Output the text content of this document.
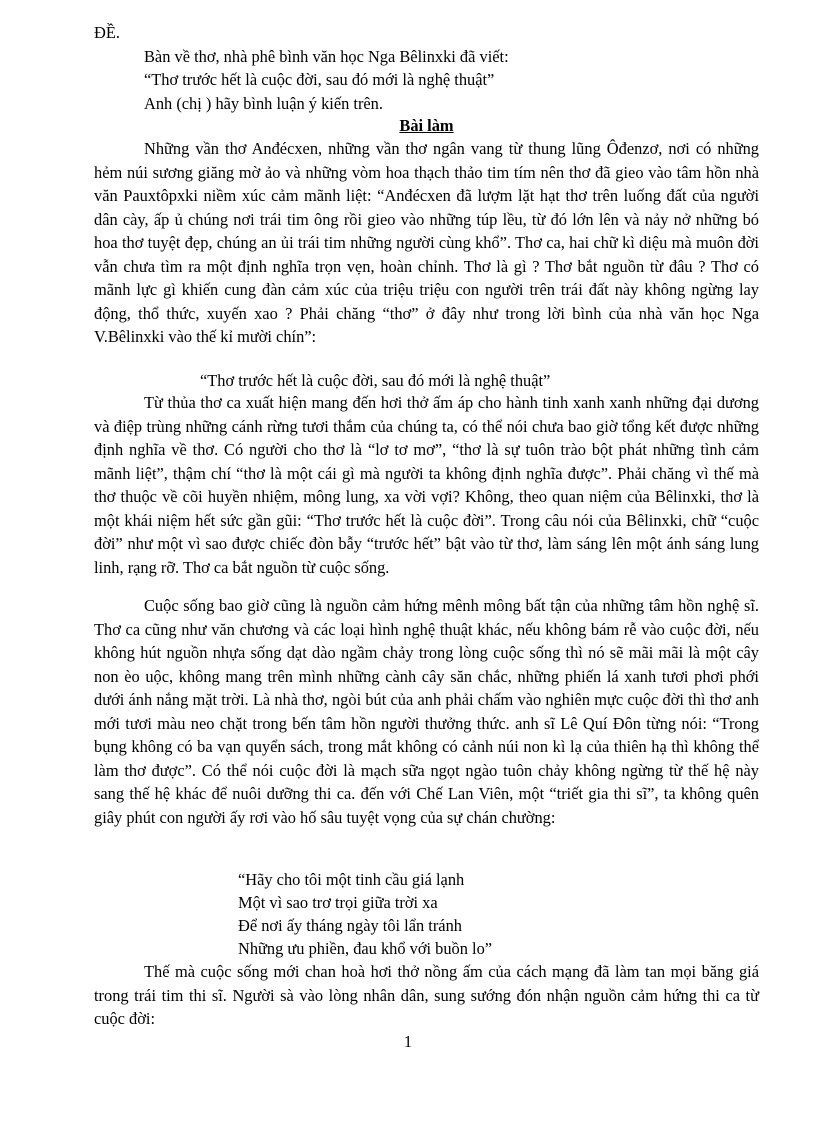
ĐỀ.

Bàn về thơ, nhà phê bình văn học Nga Bêlinxki đã viết:

“Thơ trước hết là cuộc đời, sau đó mới là nghệ thuật”

Anh (chị ) hãy bình luận ý kiến trên.

Bài làm

Những vần thơ Anđécxen, những vần thơ ngân vang từ thung lũng Ôđenzơ, nơi có những hẻm núi sương giăng mờ ảo và những vòm hoa thạch thảo tim tím nên thơ đã gieo vào tâm hồn nhà văn Pauxtôpxki niềm xúc cảm mãnh liệt: “Anđécxen đã lượm lặt hạt thơ trên luống đất của người dân cày, ấp ủ chúng nơi trái tim ông rồi gieo vào những túp lều, từ đó lớn lên và nảy nở những bó hoa thơ tuyệt đẹp, chúng an ủi trái tim những người cùng khổ”. Thơ ca, hai chữ kì diệu mà muôn đời vẫn chưa tìm ra một định nghĩa trọn vẹn, hoàn chỉnh. Thơ là gì ? Thơ bắt nguồn từ đâu ? Thơ có mãnh lực gì khiến cung đàn cảm xúc của triệu triệu con người trên trái đất này không ngừng lay động, thổ thức, xuyến xao ? Phải chăng “thơ” ở đây như trong lời bình của nhà văn học Nga V.Bêlinxki vào thế kỉ mười chín”:

“Thơ trước hết là cuộc đời, sau đó mới là nghệ thuật”

Từ thủa thơ ca xuất hiện mang đến hơi thở ấm áp cho hành tinh xanh xanh những đại dương và điệp trùng những cánh rừng tươi thắm của chúng ta, có thể nói chưa bao giờ tổng kết được những định nghĩa về thơ. Có người cho thơ là “lơ tơ mơ”, “thơ là sự tuôn trào bột phát những tình cảm mãnh liệt”, thậm chí “thơ là một cái gì mà người ta không định nghĩa được”. Phải chăng vì thế mà thơ thuộc về cõi huyền nhiệm, mông lung, xa vời vợi? Không, theo quan niệm của Bêlinxki, thơ là một khái niệm hết sức gần gũi: “Thơ trước hết là cuộc đời”. Trong câu nói của Bêlinxki, chữ “cuộc đời” như một vì sao được chiếc đòn bẫy “trước hết” bật vào từ thơ, làm sáng lên một ánh sáng lung linh, rạng rỡ. Thơ ca bắt nguồn từ cuộc sống.

Cuộc sống bao giờ cũng là nguồn cảm hứng mênh mông bất tận của những tâm hồn nghệ sĩ. Thơ ca cũng như văn chương và các loại hình nghệ thuật khác, nếu không bám rễ vào cuộc đời, nếu không hút nguồn nhựa sống dạt dào ngầm chảy trong lòng cuộc sống thì nó sẽ mãi mãi là một cây non èo uộc, không mang trên mình những cành cây săn chắc, những phiến lá xanh tươi phơi phới dưới ánh nắng mặt trời. Là nhà thơ, ngòi bút của anh phải chấm vào nghiên mực cuộc đời thì thơ anh mới tươi màu neo chặt trong bến tâm hồn người thưởng thức. anh sĩ Lê Quí Đôn từng nói: “Trong bụng không có ba vạn quyển sách, trong mắt không có cảnh núi non kì lạ của thiên hạ thì không thể làm thơ được”. Có thể nói cuộc đời là mạch sữa ngọt ngào tuôn chảy không ngừng từ thế hệ này sang thế hệ khác để nuôi dưỡng thi ca. đến với Chế Lan Viên, một “triết gia thi sĩ”, ta không quên giây phút con người ấy rơi vào hố sâu tuyệt vọng của sự chán chường:

“Hãy cho tôi một tinh cầu giá lạnh

Một vì sao trơ trọi giữa trời xa

Để nơi ấy tháng ngày tôi lẩn tránh

Những ưu phiền, đau khổ với buồn lo”

Thế mà cuộc sống mới chan hoà hơi thở nồng ấm của cách mạng đã làm tan mọi băng giá trong trái tim thi sĩ. Người sà vào lòng nhân dân, sung sướng đón nhận nguồn cảm hứng thi ca từ cuộc đời:

1
